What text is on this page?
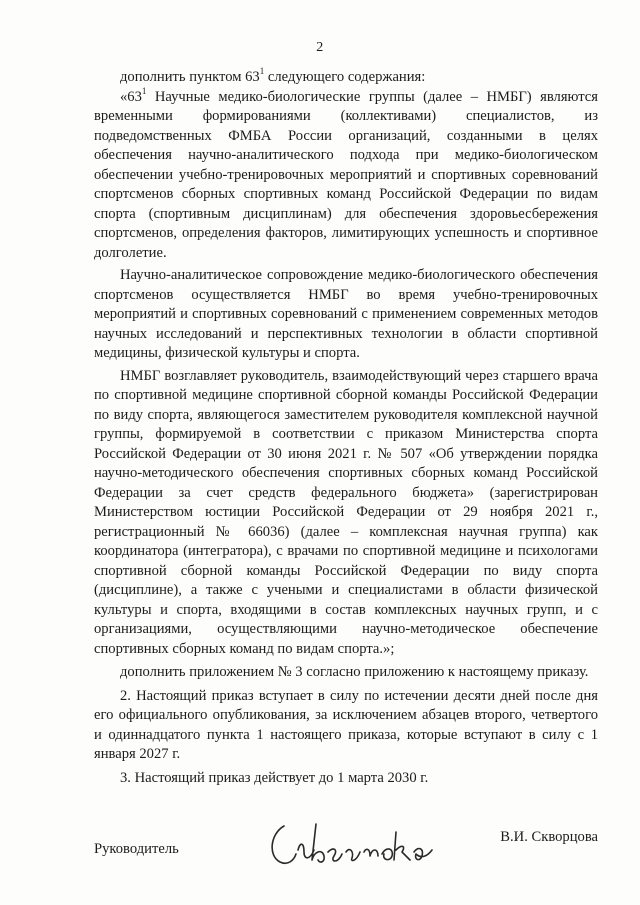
2

дополнить пунктом $63^1$ следующего содержания:

«$63^1$ Научные медико-биологические группы (далее – НМБГ) являются временными формированиями (коллективами) специалистов, из подведомственных ФМБА России организаций, созданными в целях обеспечения научно-аналитического подхода при медико-биологическом обеспечении учебно-тренировочных мероприятий и спортивных соревнований спортсменов сборных спортивных команд Российской Федерации по видам спорта (спортивным дисциплинам) для обеспечения здоровьесбережения спортсменов, определения факторов, лимитирующих успешность и спортивное долголетие.

Научно-аналитическое сопровождение медико-биологического обеспечения спортсменов осуществляется НМБГ во время учебно-тренировочных мероприятий и спортивных соревнований с применением современных методов научных исследований и перспективных технологии в области спортивной медицины, физической культуры и спорта.

НМБГ возглавляет руководитель, взаимодействующий через старшего врача по спортивной медицине спортивной сборной команды Российской Федерации по виду спорта, являющегося заместителем руководителя комплексной научной группы, формируемой в соответствии с приказом Министерства спорта Российской Федерации от 30 июня 2021 г. № 507 «Об утверждении порядка научно-методического обеспечения спортивных сборных команд Российской Федерации за счет средств федерального бюджета» (зарегистрирован Министерством юстиции Российской Федерации от 29 ноября 2021 г., регистрационный № 66036) (далее – комплексная научная группа) как координатора (интегратора), с врачами по спортивной медицине и психологами спортивной сборной команды Российской Федерации по виду спорта (дисциплине), а также с учеными и специалистами в области физической культуры и спорта, входящими в состав комплексных научных групп, и с организациями, осуществляющими научно-методическое обеспечение спортивных сборных команд по видам спорта.»;

дополнить приложением № 3 согласно приложению к настоящему приказу.

2. Настоящий приказ вступает в силу по истечении десяти дней после дня его официального опубликования, за исключением абзацев второго, четвертого и одиннадцатого пункта 1 настоящего приказа, которые вступают в силу с 1 января 2027 г.

3. Настоящий приказ действует до 1 марта 2030 г.

Руководитель
В.И. Скворцова
